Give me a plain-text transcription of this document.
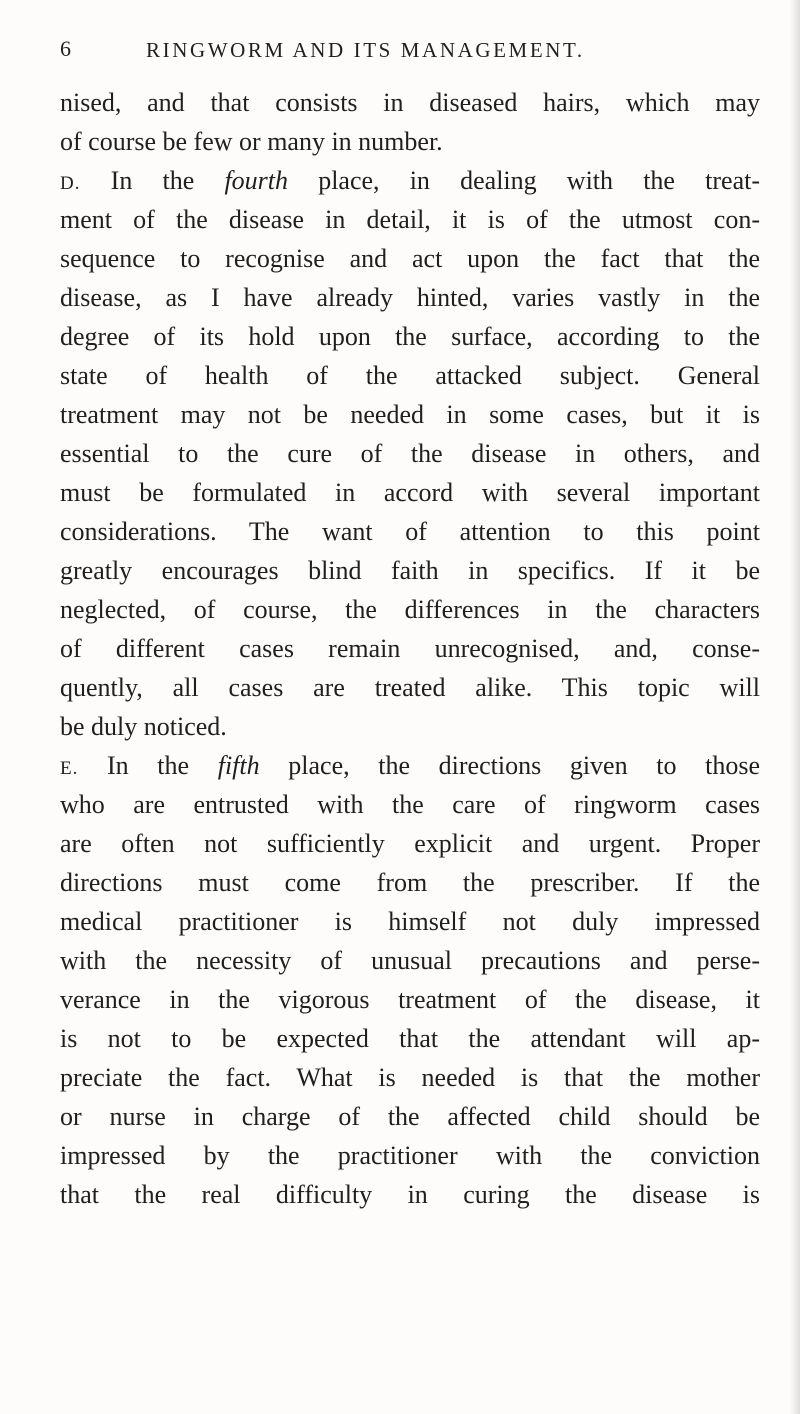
6	RINGWORM AND ITS MANAGEMENT.
nised, and that consists in diseased hairs, which may
of course be few or many in number.
D. In the fourth place, in dealing with the treat-
ment of the disease in detail, it is of the utmost con-
sequence to recognise and act upon the fact that the
disease, as I have already hinted, varies vastly in the
degree of its hold upon the surface, according to the
state of health of the attacked subject. General
treatment may not be needed in some cases, but it is
essential to the cure of the disease in others, and
must be formulated in accord with several important
considerations. The want of attention to this point
greatly encourages blind faith in specifics. If it be
neglected, of course, the differences in the characters
of different cases remain unrecognised, and, conse-
quently, all cases are treated alike. This topic will
be duly noticed.
E. In the fifth place, the directions given to those
who are entrusted with the care of ringworm cases
are often not sufficiently explicit and urgent. Proper
directions must come from the prescriber. If the
medical practitioner is himself not duly impressed
with the necessity of unusual precautions and perse-
verance in the vigorous treatment of the disease, it
is not to be expected that the attendant will ap-
preciate the fact. What is needed is that the mother
or nurse in charge of the affected child should be
impressed by the practitioner with the conviction
that the real difficulty in curing the disease is
